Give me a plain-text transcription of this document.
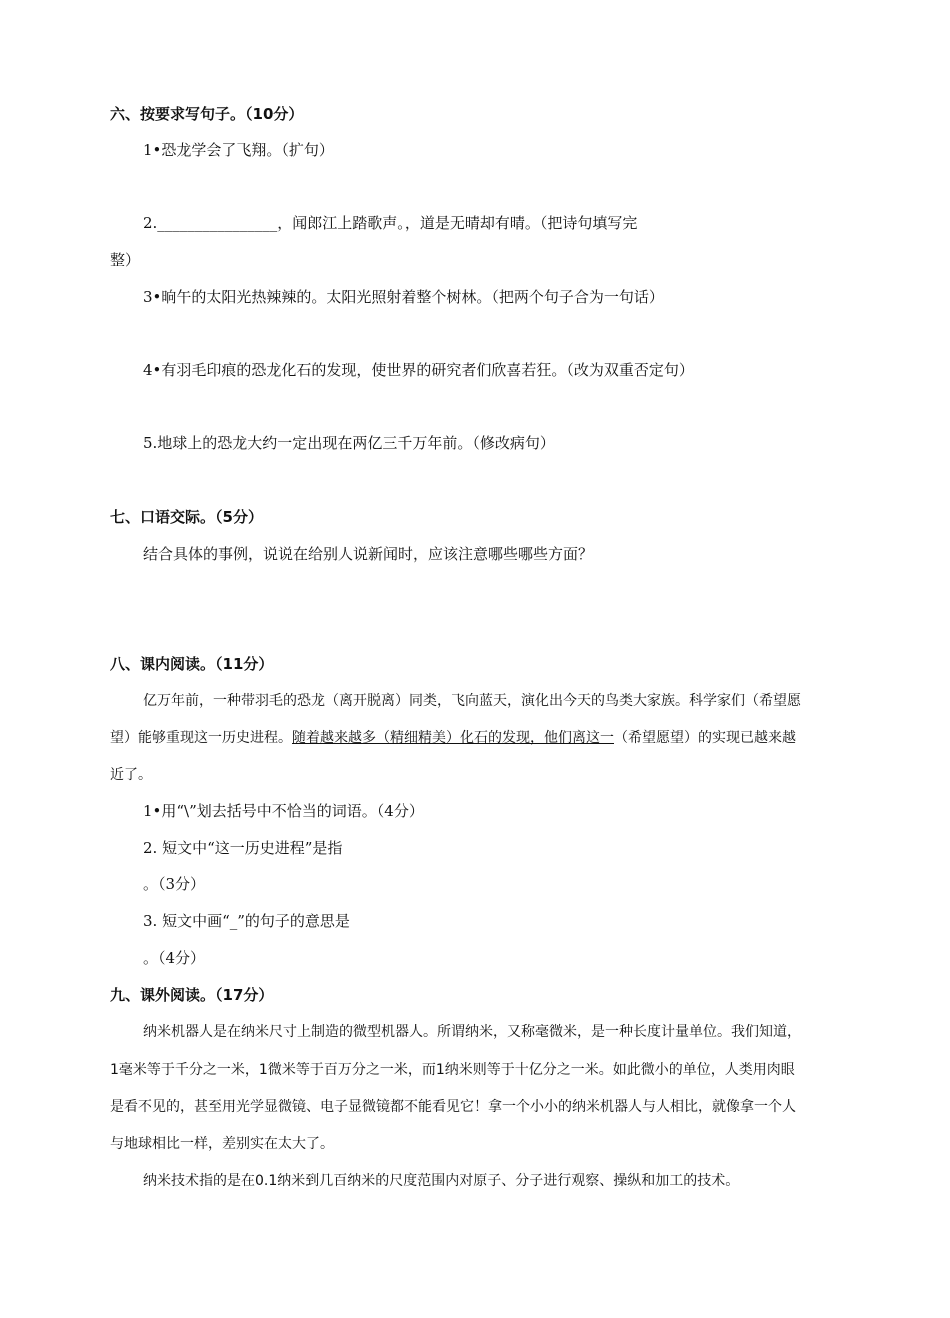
六、按要求写句子。（10分）
1•恐龙学会了飞翔。（扩句）
2.________________，闻郎江上踏歌声。，道是无晴却有晴。（把诗句填写完
整）
3•晌午的太阳光热辣辣的。太阳光照射着整个树林。（把两个句子合为一句话）
4•有羽毛印痕的恐龙化石的发现，使世界的研究者们欣喜若狂。（改为双重否定句）
5.地球上的恐龙大约一定出现在两亿三千万年前。（修改病句）
七、口语交际。（5分）
结合具体的事例，说说在给别人说新闻时，应该注意哪些哪些方面？
八、课内阅读。（11分）
亿万年前，一种带羽毛的恐龙（离开脱离）同类，飞向蓝天，演化出今天的鸟类大家族。科学家们（希望愿
望）能够重现这一历史进程。随着越来越多（精细精美）化石的发现，他们离这一（希望愿望）的实现已越来越
近了。
1•用“\”划去括号中不恰当的词语。（4分）
2. 短文中“这一历史进程”是指
。（3分）
3. 短文中画“_”的句子的意思是
。（4分）
九、课外阅读。（17分）
纳米机器人是在纳米尺寸上制造的微型机器人。所谓纳米，又称毫微米，是一种长度计量单位。我们知道，
1毫米等于千分之一米，1微米等于百万分之一米，而1纳米则等于十亿分之一米。如此微小的单位，人类用肉眼
是看不见的，甚至用光学显微镜、电子显微镜都不能看见它！拿一个小小的纳米机器人与人相比，就像拿一个人
与地球相比一样，差别实在太大了。
纳米技术指的是在0.1纳米到几百纳米的尺度范围内对原子、分子进行观察、操纵和加工的技术。
